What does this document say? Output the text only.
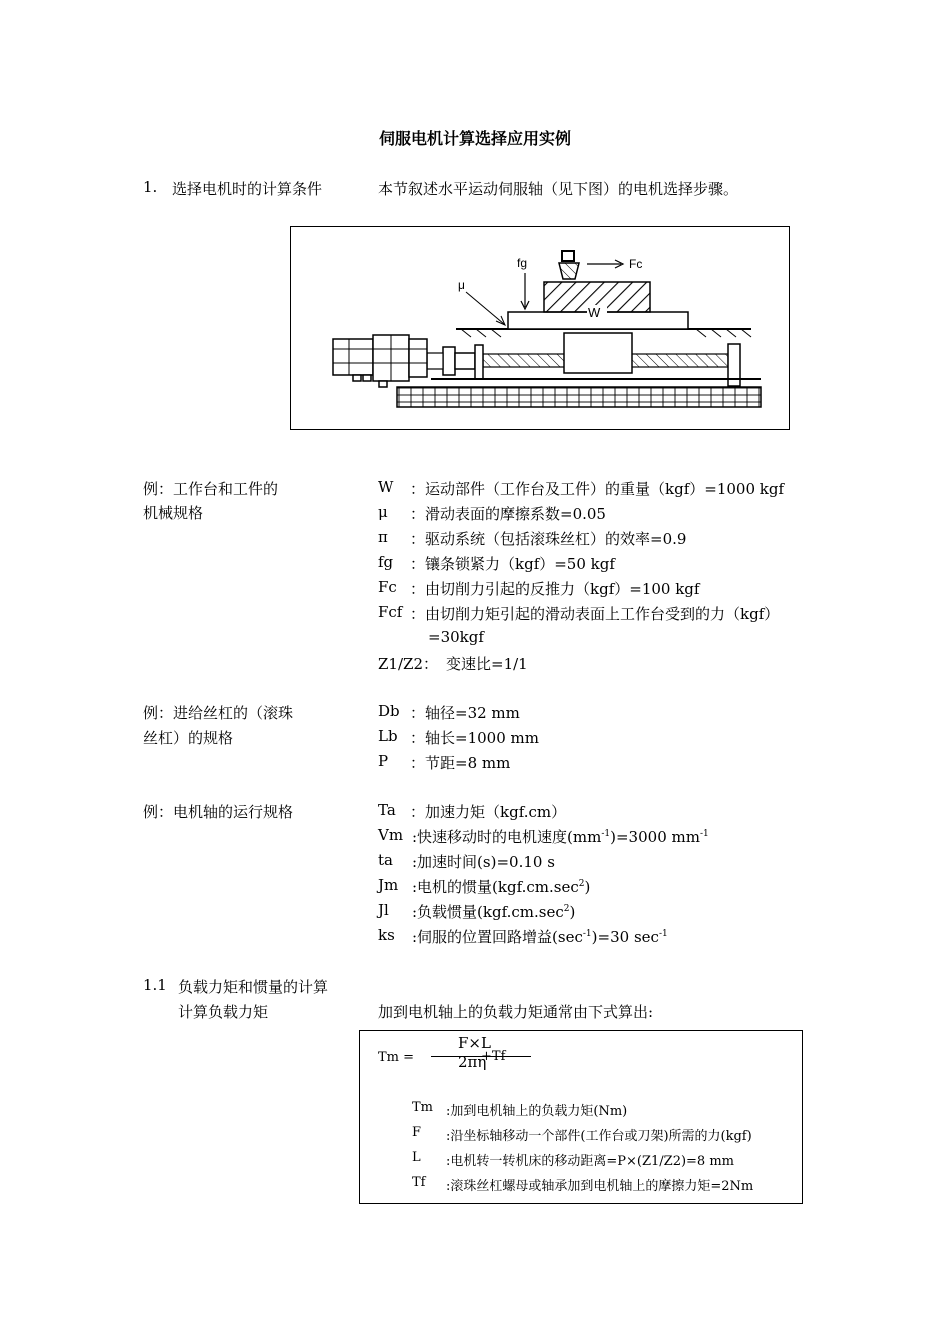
伺服电机计算选择应用实例
1. 选择电机时的计算条件	本节叙述水平运动伺服轴（见下图）的电机选择步骤。
W
fg	Fc
μ
例：工作台和工件的
机械规格
W ：运动部件（工作台及工件）的重量（kgf）=1000 kgf
μ ：滑动表面的摩擦系数=0.05
π ：驱动系统（包括滚珠丝杠）的效率=0.9
fg ：镶条锁紧力（kgf）=50 kgf
Fc ：由切削力引起的反推力（kgf）=100 kgf
Fcf ：由切削力矩引起的滑动表面上工作台受到的力（kgf）
=30kgf
Z1/Z2： 变速比=1/1
例：进给丝杠的（滚珠
丝杠）的规格
Db ：轴径=32 mm
Lb ：轴长=1000 mm
P ：节距=8 mm
例：电机轴的运行规格	Ta ：加速力矩（kgf.cm）
Vm :快速移动时的电机速度$(mm^{-1})=3000$ $mm^{-1}$
ta :加速时间(s)=0.10 s
Jm :电机的惯量$(kgf.cm.\sec^2)$
Jl :负载惯量$(kgf.cm.\sec^2)$
ks :伺服的位置回路增益$(\sec^{-1})=30$ $\sec^{-1}$
1.1 负载力矩和惯量的计算
计算负载力矩	加到电机轴上的负载力矩通常由下式算出:
Tm =
F×L
2πη
+Tf
Tm :加到电机轴上的负载力矩(Nm)
F :沿坐标轴移动一个部件(工作台或刀架)所需的力(kgf)
L :电机转一转机床的移动距离=P×(Z1/Z2)=8 mm
Tf :滚珠丝杠螺母或轴承加到电机轴上的摩擦力矩=2Nm
